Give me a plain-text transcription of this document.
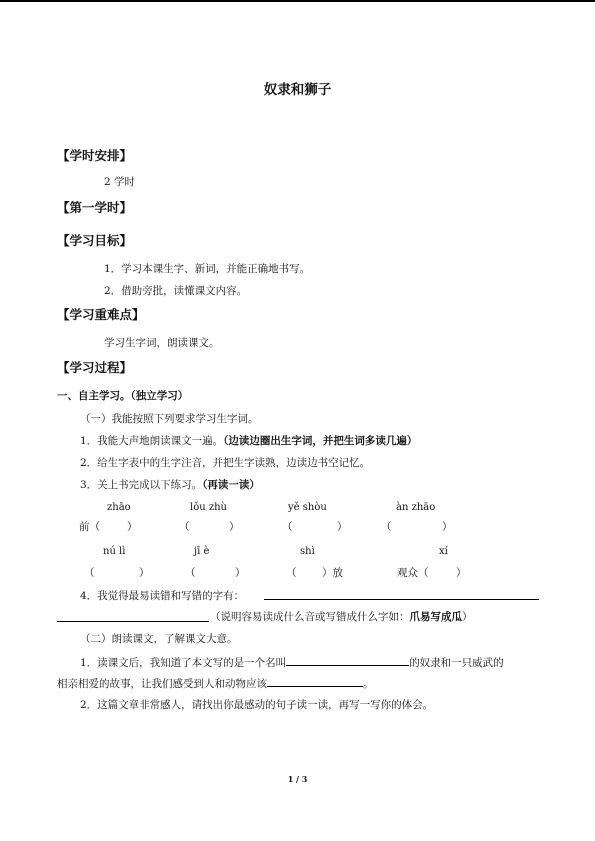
奴隶和狮子
【学时安排】
2 学时
【第一学时】
【学习目标】
1．学习本课生字、新词，并能正确地书写。
2．借助旁批，读懂课文内容。
【学习重难点】
学习生字词，朗读课文。
【学习过程】
一、自主学习。（独立学习）
（一）我能按照下列要求学习生字词。
1．我能大声地朗读课文一遍。（边读边圈出生字词，并把生词多读几遍）
2．给生字表中的生字注音，并把生字读熟，边读边书空记忆。
3．关上书完成以下练习。（再读一读）
zhāo	lǒu zhù	yě shòu	àn zhāo
前（	）	（	）	（	）	（	）
nú lì	jī è	shì	xí
（	）	（	）	（ ）放	观众（	）
4．我觉得最易读错和写错的字有：
（说明容易读成什么音或写错成什么字如：爪易写成瓜）
（二）朗读课文，了解课文大意。
1．读课文后，我知道了本文写的是一个名叫	的奴隶和一只威武的
相亲相爱的故事，让我们感受到人和动物应该	。
2．这篇文章非常感人，请找出你最感动的句子读一读，再写一写你的体会。
1 / 3
